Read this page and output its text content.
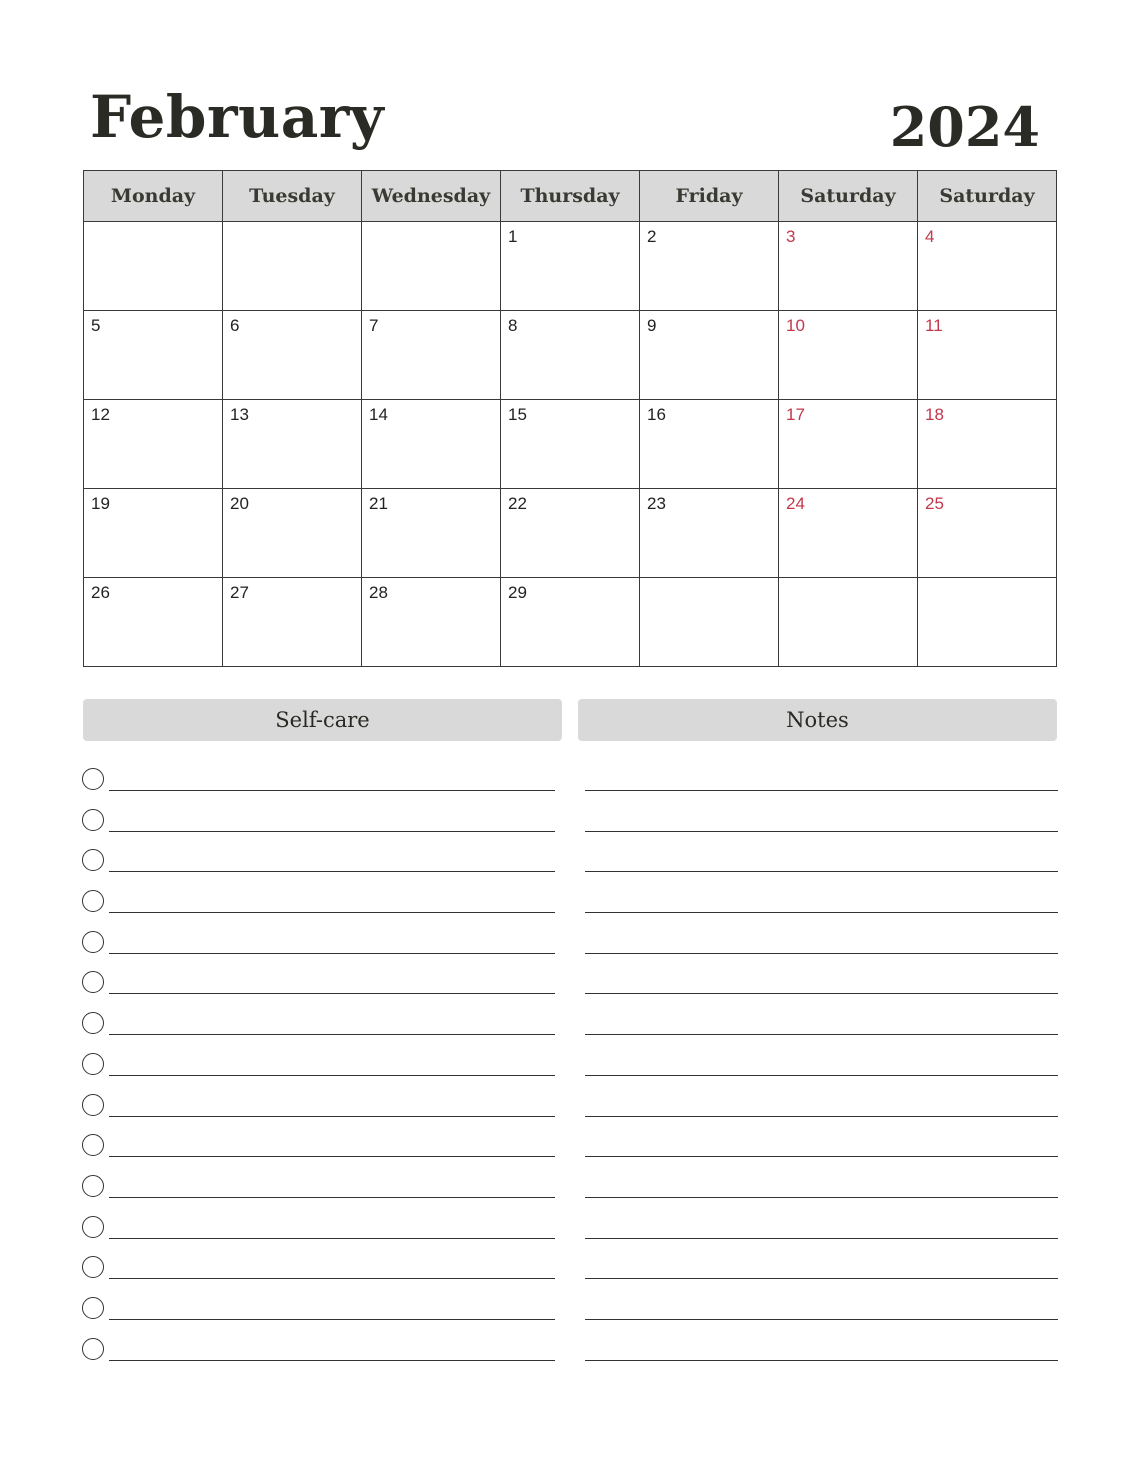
February	2024
Monday	Tuesday	Wednesday	Thursday	Friday	Saturday	Saturday

			1	2	3	4

5	6	7	8	9	10	11

12	13	14	15	16	17	18

19	20	21	22	23	24	25

26	27	28	29			

Self-care	Notes
